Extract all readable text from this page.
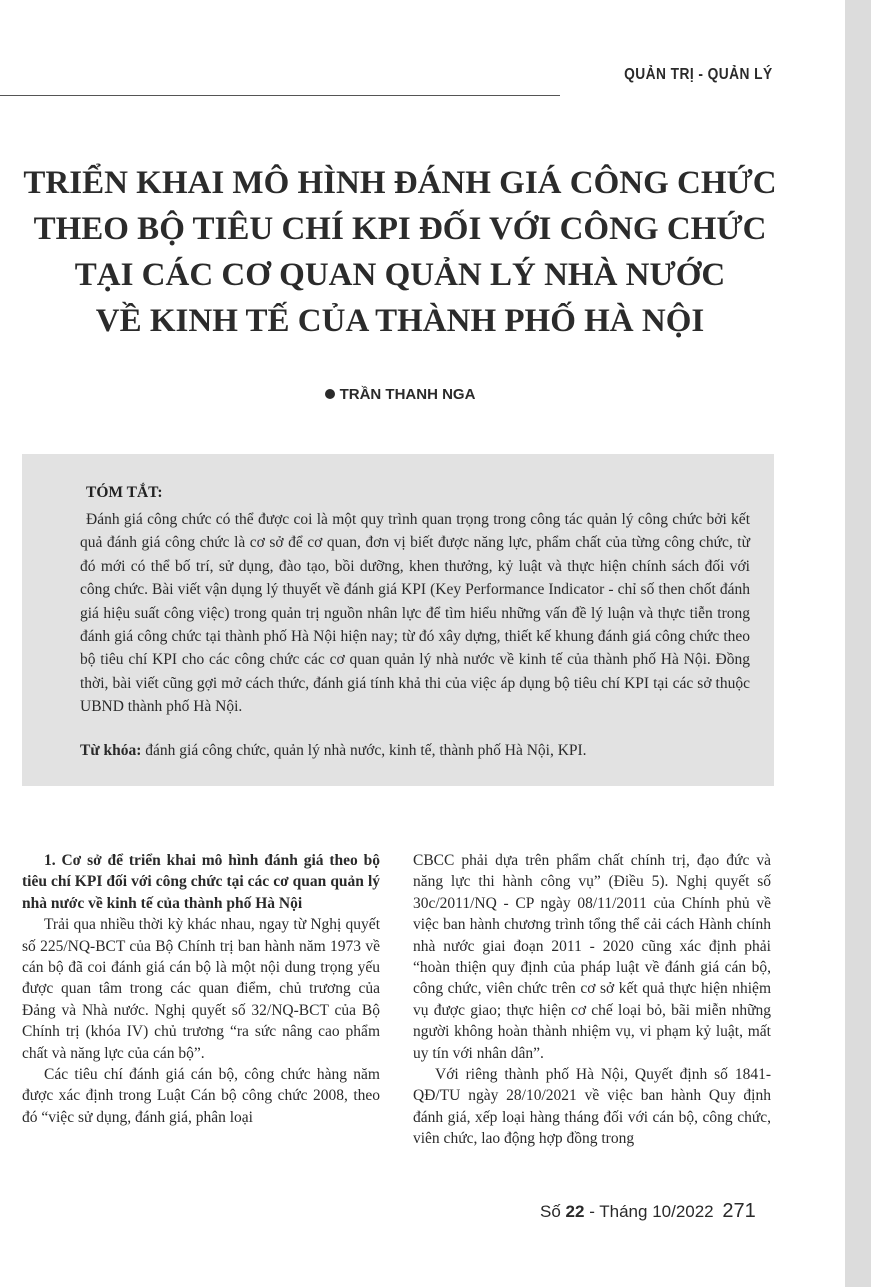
QUẢN TRỊ - QUẢN LÝ
TRIỂN KHAI MÔ HÌNH ĐÁNH GIÁ CÔNG CHỨC
THEO BỘ TIÊU CHÍ KPI ĐỐI VỚI CÔNG CHỨC
TẠI CÁC CƠ QUAN QUẢN LÝ NHÀ NƯỚC
VỀ KINH TẾ CỦA THÀNH PHỐ HÀ NỘI
TRẦN THANH NGA
TÓM TẮT:

Đánh giá công chức có thể được coi là một quy trình quan trọng trong công tác quản lý công chức bởi kết quả đánh giá công chức là cơ sở để cơ quan, đơn vị biết được năng lực, phẩm chất của từng công chức, từ đó mới có thể bố trí, sử dụng, đào tạo, bồi dưỡng, khen thưởng, kỷ luật và thực hiện chính sách đối với công chức. Bài viết vận dụng lý thuyết về đánh giá KPI (Key Performance Indicator - chỉ số then chốt đánh giá hiệu suất công việc) trong quản trị nguồn nhân lực để tìm hiểu những vấn đề lý luận và thực tiễn trong đánh giá công chức tại thành phố Hà Nội hiện nay; từ đó xây dựng, thiết kế khung đánh giá công chức theo bộ tiêu chí KPI cho các công chức các cơ quan quản lý nhà nước về kinh tế của thành phố Hà Nội. Đồng thời, bài viết cũng gợi mở cách thức, đánh giá tính khả thi của việc áp dụng bộ tiêu chí KPI tại các sở thuộc UBND thành phố Hà Nội.

Từ khóa: đánh giá công chức, quản lý nhà nước, kinh tế, thành phố Hà Nội, KPI.

1. Cơ sở để triển khai mô hình đánh giá theo bộ tiêu chí KPI đối với công chức tại các cơ quan quản lý nhà nước về kinh tế của thành phố Hà Nội

Trải qua nhiều thời kỳ khác nhau, ngay từ Nghị quyết số 225/NQ-BCT của Bộ Chính trị ban hành năm 1973 về cán bộ đã coi đánh giá cán bộ là một nội dung trọng yếu được quan tâm trong các quan điểm, chủ trương của Đảng và Nhà nước. Nghị quyết số 32/NQ-BCT của Bộ Chính trị (khóa IV) chủ trương “ra sức nâng cao phẩm chất và năng lực của cán bộ”.

Các tiêu chí đánh giá cán bộ, công chức hàng năm được xác định trong Luật Cán bộ công chức 2008, theo đó “việc sử dụng, đánh giá, phân loại

CBCC phải dựa trên phẩm chất chính trị, đạo đức và năng lực thi hành công vụ” (Điều 5). Nghị quyết số 30c/2011/NQ - CP ngày 08/11/2011 của Chính phủ về việc ban hành chương trình tổng thể cải cách Hành chính nhà nước giai đoạn 2011 - 2020 cũng xác định phải “hoàn thiện quy định của pháp luật về đánh giá cán bộ, công chức, viên chức trên cơ sở kết quả thực hiện nhiệm vụ được giao; thực hiện cơ chế loại bỏ, bãi miễn những người không hoàn thành nhiệm vụ, vi phạm kỷ luật, mất uy tín với nhân dân”.

Với riêng thành phố Hà Nội, Quyết định số 1841-QĐ/TU ngày 28/10/2021 về việc ban hành Quy định đánh giá, xếp loại hàng tháng đối với cán bộ, công chức, viên chức, lao động hợp đồng trong

Số 22 - Tháng 10/2022 271
